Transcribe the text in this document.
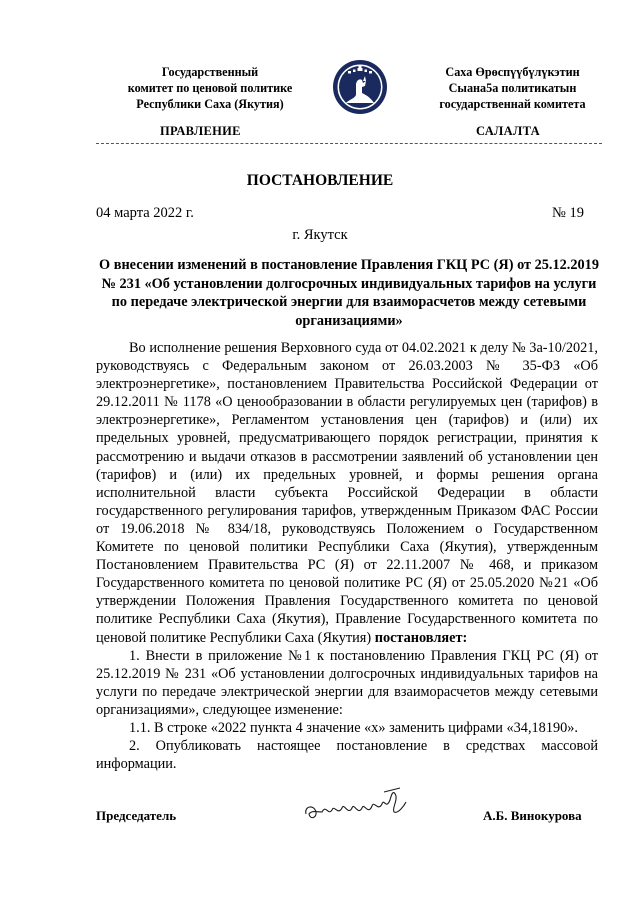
Государственный
комитет по ценовой политике
Республики Саха (Якутия)
Саха Өрөспүүбүлүкэтин
Сыана5а политикатын
государственнай комитета
ПРАВЛЕНИЕ	САЛАЛТА
ПОСТАНОВЛЕНИЕ
04 марта 2022 г.	№ 19
г. Якутск
О внесении изменений в постановление Правления ГКЦ РС (Я) от 25.12.2019 № 231 «Об установлении долгосрочных индивидуальных тарифов на услуги по передаче электрической энергии для взаиморасчетов между сетевыми организациями»

Во исполнение решения Верховного суда от 04.02.2021 к делу № 3а-10/2021, руководствуясь с Федеральным законом от 26.03.2003 № 35-ФЗ «Об электроэнергетике», постановлением Правительства Российской Федерации от 29.12.2011 № 1178 «О ценообразовании в области регулируемых цен (тарифов) в электроэнергетике», Регламентом установления цен (тарифов) и (или) их предельных уровней, предусматривающего порядок регистрации, принятия к рассмотрению и выдачи отказов в рассмотрении заявлений об установлении цен (тарифов) и (или) их предельных уровней, и формы решения органа исполнительной власти субъекта Российской Федерации в области государственного регулирования тарифов, утвержденным Приказом ФАС России от 19.06.2018 № 834/18, руководствуясь Положением о Государственном Комитете по ценовой политики Республики Саха (Якутия), утвержденным Постановлением Правительства РС (Я) от 22.11.2007 № 468, и приказом Государственного комитета по ценовой политике РС (Я) от 25.05.2020 №21 «Об утверждении Положения Правления Государственного комитета по ценовой политике Республики Саха (Якутия), Правление Государственного комитета по ценовой политике Республики Саха (Якутия) постановляет:

1. Внести в приложение №1 к постановлению Правления ГКЦ РС (Я) от 25.12.2019 № 231 «Об установлении долгосрочных индивидуальных тарифов на услуги по передаче электрической энергии для взаиморасчетов между сетевыми организациями», следующее изменение:

1.1. В строке «2022 пункта 4 значение «х» заменить цифрами «34,18190».

2. Опубликовать настоящее постановление в средствах массовой информации.

Председатель	А.Б. Винокурова
